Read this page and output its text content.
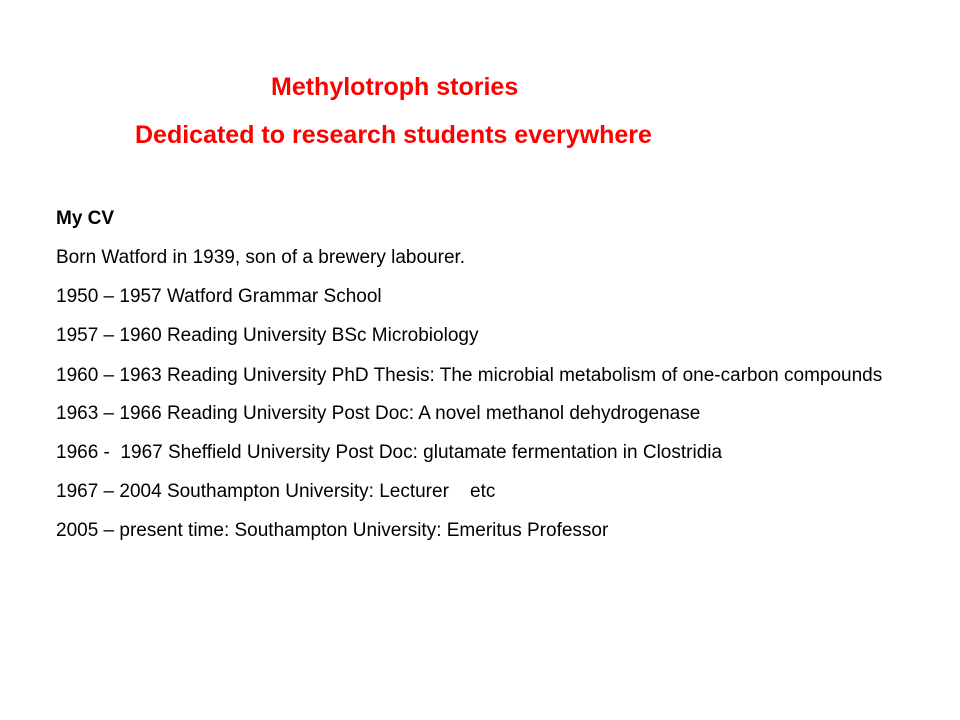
Methylotroph stories
Dedicated to research students everywhere
My CV
Born Watford in 1939, son of a brewery labourer.
1950 – 1957 Watford Grammar School
1957 – 1960 Reading University BSc Microbiology
1960 – 1963 Reading University PhD Thesis: The microbial metabolism of one-carbon compounds
1963 – 1966 Reading University Post Doc: A novel methanol dehydrogenase
1966 -  1967 Sheffield University Post Doc: glutamate fermentation in Clostridia
1967 – 2004 Southampton University: Lecturer    etc
2005 – present time: Southampton University: Emeritus Professor
